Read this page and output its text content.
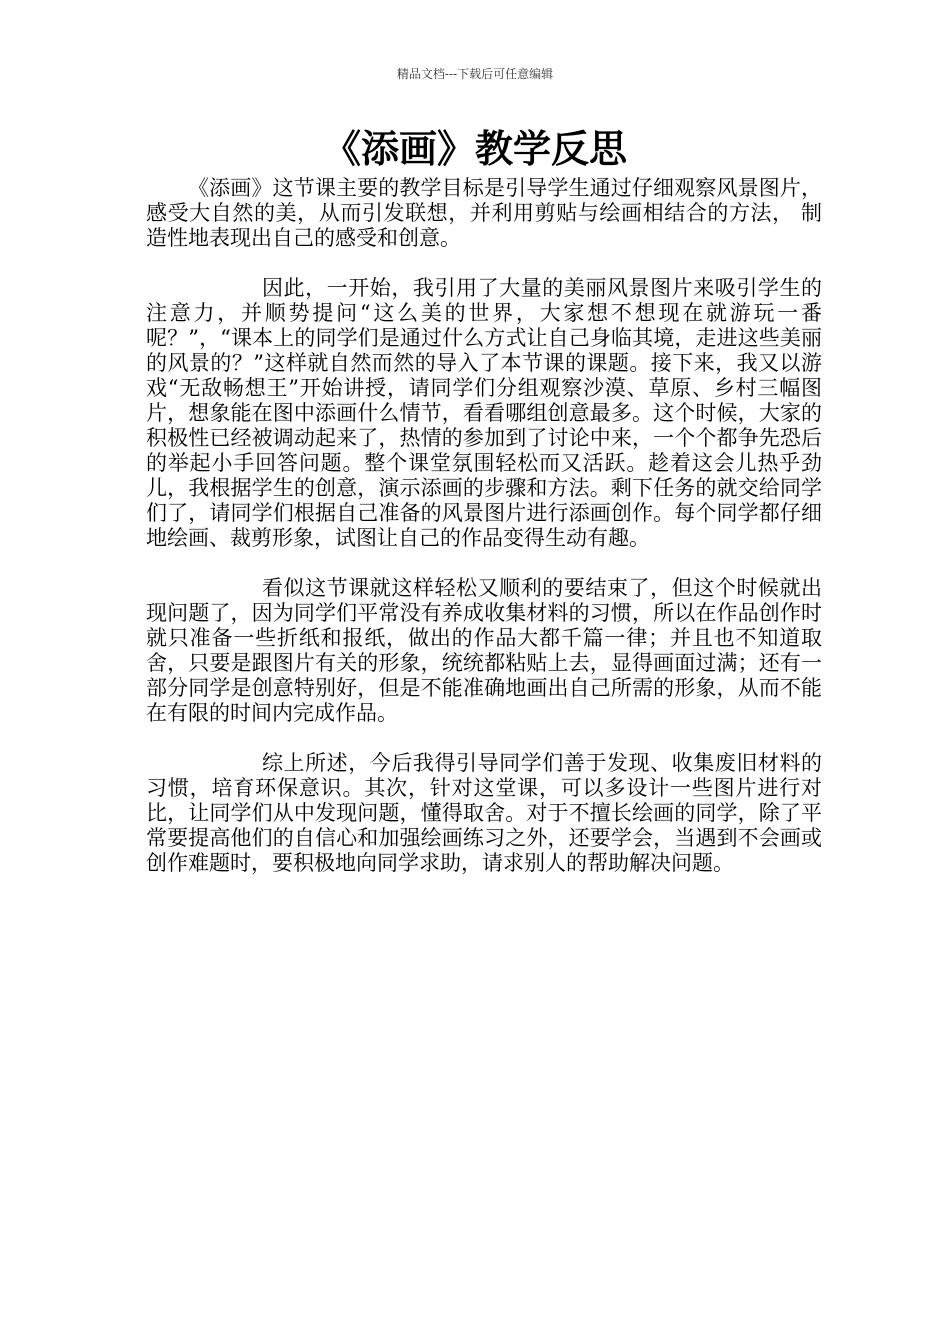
精品文档---下载后可任意编辑
《添画》教学反思

《添画》这节课主要的教学目标是引导学生通过仔细观察风景图片，感受大自然的美，从而引发联想，并利用剪贴与绘画相结合的方法， 制造性地表现出自己的感受和创意。

因此，一开始，我引用了大量的美丽风景图片来吸引学生的注意力，并顺势提问“这么美的世界，大家想不想现在就游玩一番呢？”，“课本上的同学们是通过什么方式让自己身临其境，走进这些美丽的风景的？”这样就自然而然的导入了本节课的课题。接下来，我又以游戏“无敌畅想王”开始讲授，请同学们分组观察沙漠、草原、乡村三幅图片，想象能在图中添画什么情节，看看哪组创意最多。这个时候，大家的积极性已经被调动起来了，热情的参加到了讨论中来，一个个都争先恐后的举起小手回答问题。整个课堂氛围轻松而又活跃。趁着这会儿热乎劲儿，我根据学生的创意，演示添画的步骤和方法。剩下任务的就交给同学们了，请同学们根据自己准备的风景图片进行添画创作。每个同学都仔细地绘画、裁剪形象，试图让自己的作品变得生动有趣。

看似这节课就这样轻松又顺利的要结束了，但这个时候就出现问题了，因为同学们平常没有养成收集材料的习惯，所以在作品创作时就只准备一些折纸和报纸，做出的作品大都千篇一律；并且也不知道取舍，只要是跟图片有关的形象，统统都粘贴上去，显得画面过满；还有一部分同学是创意特别好，但是不能准确地画出自己所需的形象，从而不能在有限的时间内完成作品。

综上所述，今后我得引导同学们善于发现、收集废旧材料的习惯，培育环保意识。其次，针对这堂课，可以多设计一些图片进行对比，让同学们从中发现问题，懂得取舍。对于不擅长绘画的同学，除了平常要提高他们的自信心和加强绘画练习之外，还要学会，当遇到不会画或创作难题时，要积极地向同学求助，请求别人的帮助解决问题。
